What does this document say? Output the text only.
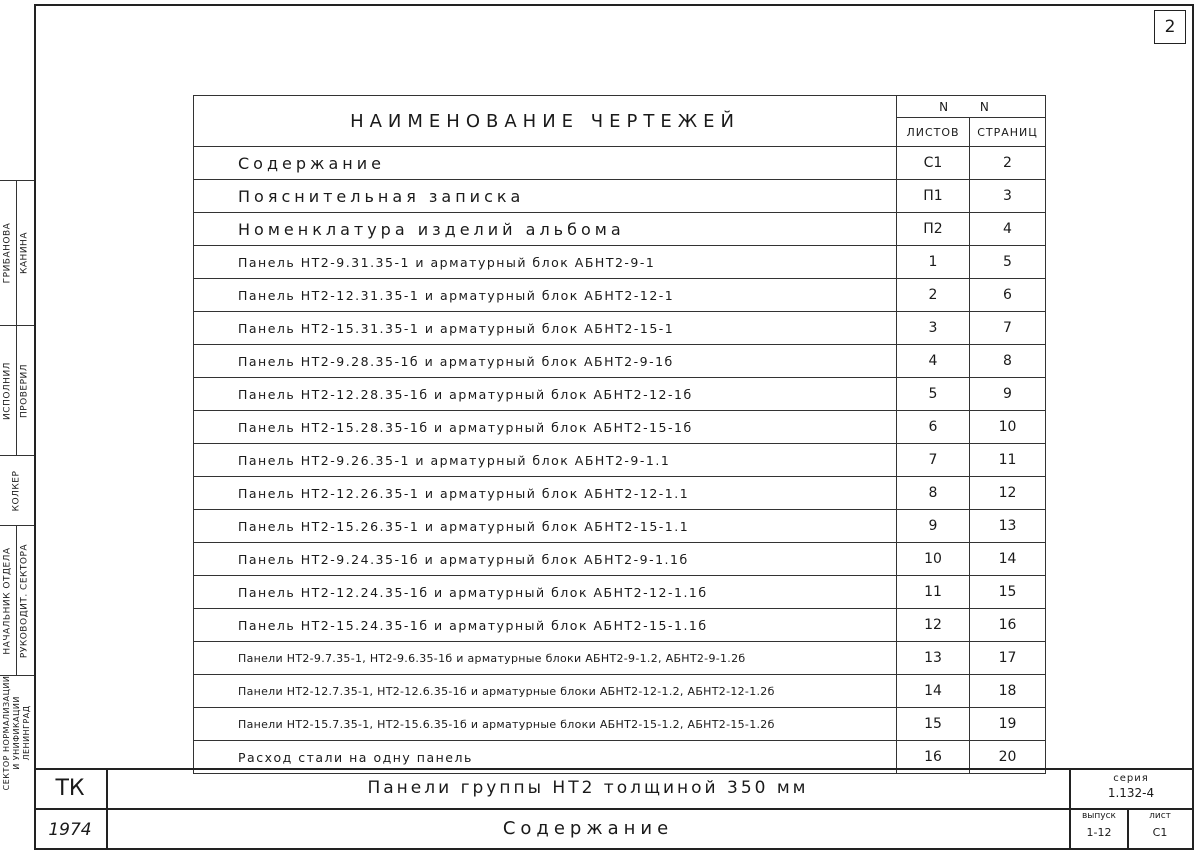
2
ГРИБАНОВА КАНИНА
ИСПОЛНИЛ ПРОВЕРИЛ
КОЛКЕР
НАЧАЛЬНИК ОТДЕЛА РУКОВОДИТ. СЕКТОРА
СЕКТОР НОРМАЛИЗАЦИИ И УНИФИКАЦИИ ЛЕНИНГРАД
НАИМЕНОВАНИЕ ЧЕРТЕЖЕЙ	N N	
	ЛИСТОВ	СТРАНИЦ
Содержание	С1	2
Пояснительная записка	П1	3
Номенклатура изделий альбома	П2	4
Панель НТ2-9.31.35-1 и арматурный блок АБНТ2-9-1	1	5
Панель НТ2-12.31.35-1 и арматурный блок АБНТ2-12-1	2	6
Панель НТ2-15.31.35-1 и арматурный блок АБНТ2-15-1	3	7
Панель НТ2-9.28.35-1б и арматурный блок АБНТ2-9-1б	4	8
Панель НТ2-12.28.35-1б и арматурный блок АБНТ2-12-1б	5	9
Панель НТ2-15.28.35-1б и арматурный блок АБНТ2-15-1б	6	10
Панель НТ2-9.26.35-1 и арматурный блок АБНТ2-9-1.1	7	11
Панель НТ2-12.26.35-1 и арматурный блок АБНТ2-12-1.1	8	12
Панель НТ2-15.26.35-1 и арматурный блок АБНТ2-15-1.1	9	13
Панель НТ2-9.24.35-1б и арматурный блок АБНТ2-9-1.1б	10	14
Панель НТ2-12.24.35-1б и арматурный блок АБНТ2-12-1.1б	11	15
Панель НТ2-15.24.35-1б и арматурный блок АБНТ2-15-1.1б	12	16
Панели НТ2-9.7.35-1, НТ2-9.6.35-1б и арматурные блоки АБНТ2-9-1.2, АБНТ2-9-1.2б	13	17
Панели НТ2-12.7.35-1, НТ2-12.6.35-1б и арматурные блоки АБНТ2-12-1.2, АБНТ2-12-1.2б	14	18
Панели НТ2-15.7.35-1, НТ2-15.6.35-1б и арматурные блоки АБНТ2-15-1.2, АБНТ2-15-1.2б	15	19
Расход стали на одну панель	16	20
ТК
1974
Панели группы НТ2 толщиной 350 мм
Содержание
серия
1.132-4
выпуск
1-12
лист
С1
